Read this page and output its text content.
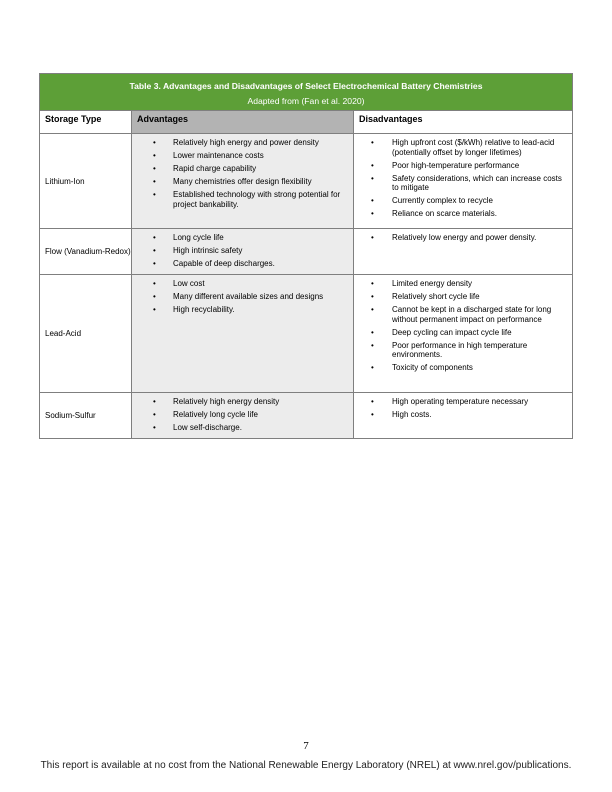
Table 3. Advantages and Disadvantages of Select Electrochemical Battery Chemistries
Adapted from (Fan et al. 2020)
Storage Type	Advantages	Disadvantages
Lithium-Ion
• Relatively high energy and power density
• Lower maintenance costs
• Rapid charge capability
• Many chemistries offer design flexibility
• Established technology with strong potential for project bankability.
• High upfront cost ($/kWh) relative to lead-acid (potentially offset by longer lifetimes)
• Poor high-temperature performance
• Safety considerations, which can increase costs to mitigate
• Currently complex to recycle
• Reliance on scarce materials.
Flow (Vanadium-Redox)
• Long cycle life
• High intrinsic safety
• Capable of deep discharges.
• Relatively low energy and power density.
Lead-Acid
• Low cost
• Many different available sizes and designs
• High recyclability.
• Limited energy density
• Relatively short cycle life
• Cannot be kept in a discharged state for long without permanent impact on performance
• Deep cycling can impact cycle life
• Poor performance in high temperature environments.
• Toxicity of components
Sodium-Sulfur
• Relatively high energy density
• Relatively long cycle life
• Low self-discharge.
• High operating temperature necessary
• High costs.
7
This report is available at no cost from the National Renewable Energy Laboratory (NREL) at www.nrel.gov/publications.
